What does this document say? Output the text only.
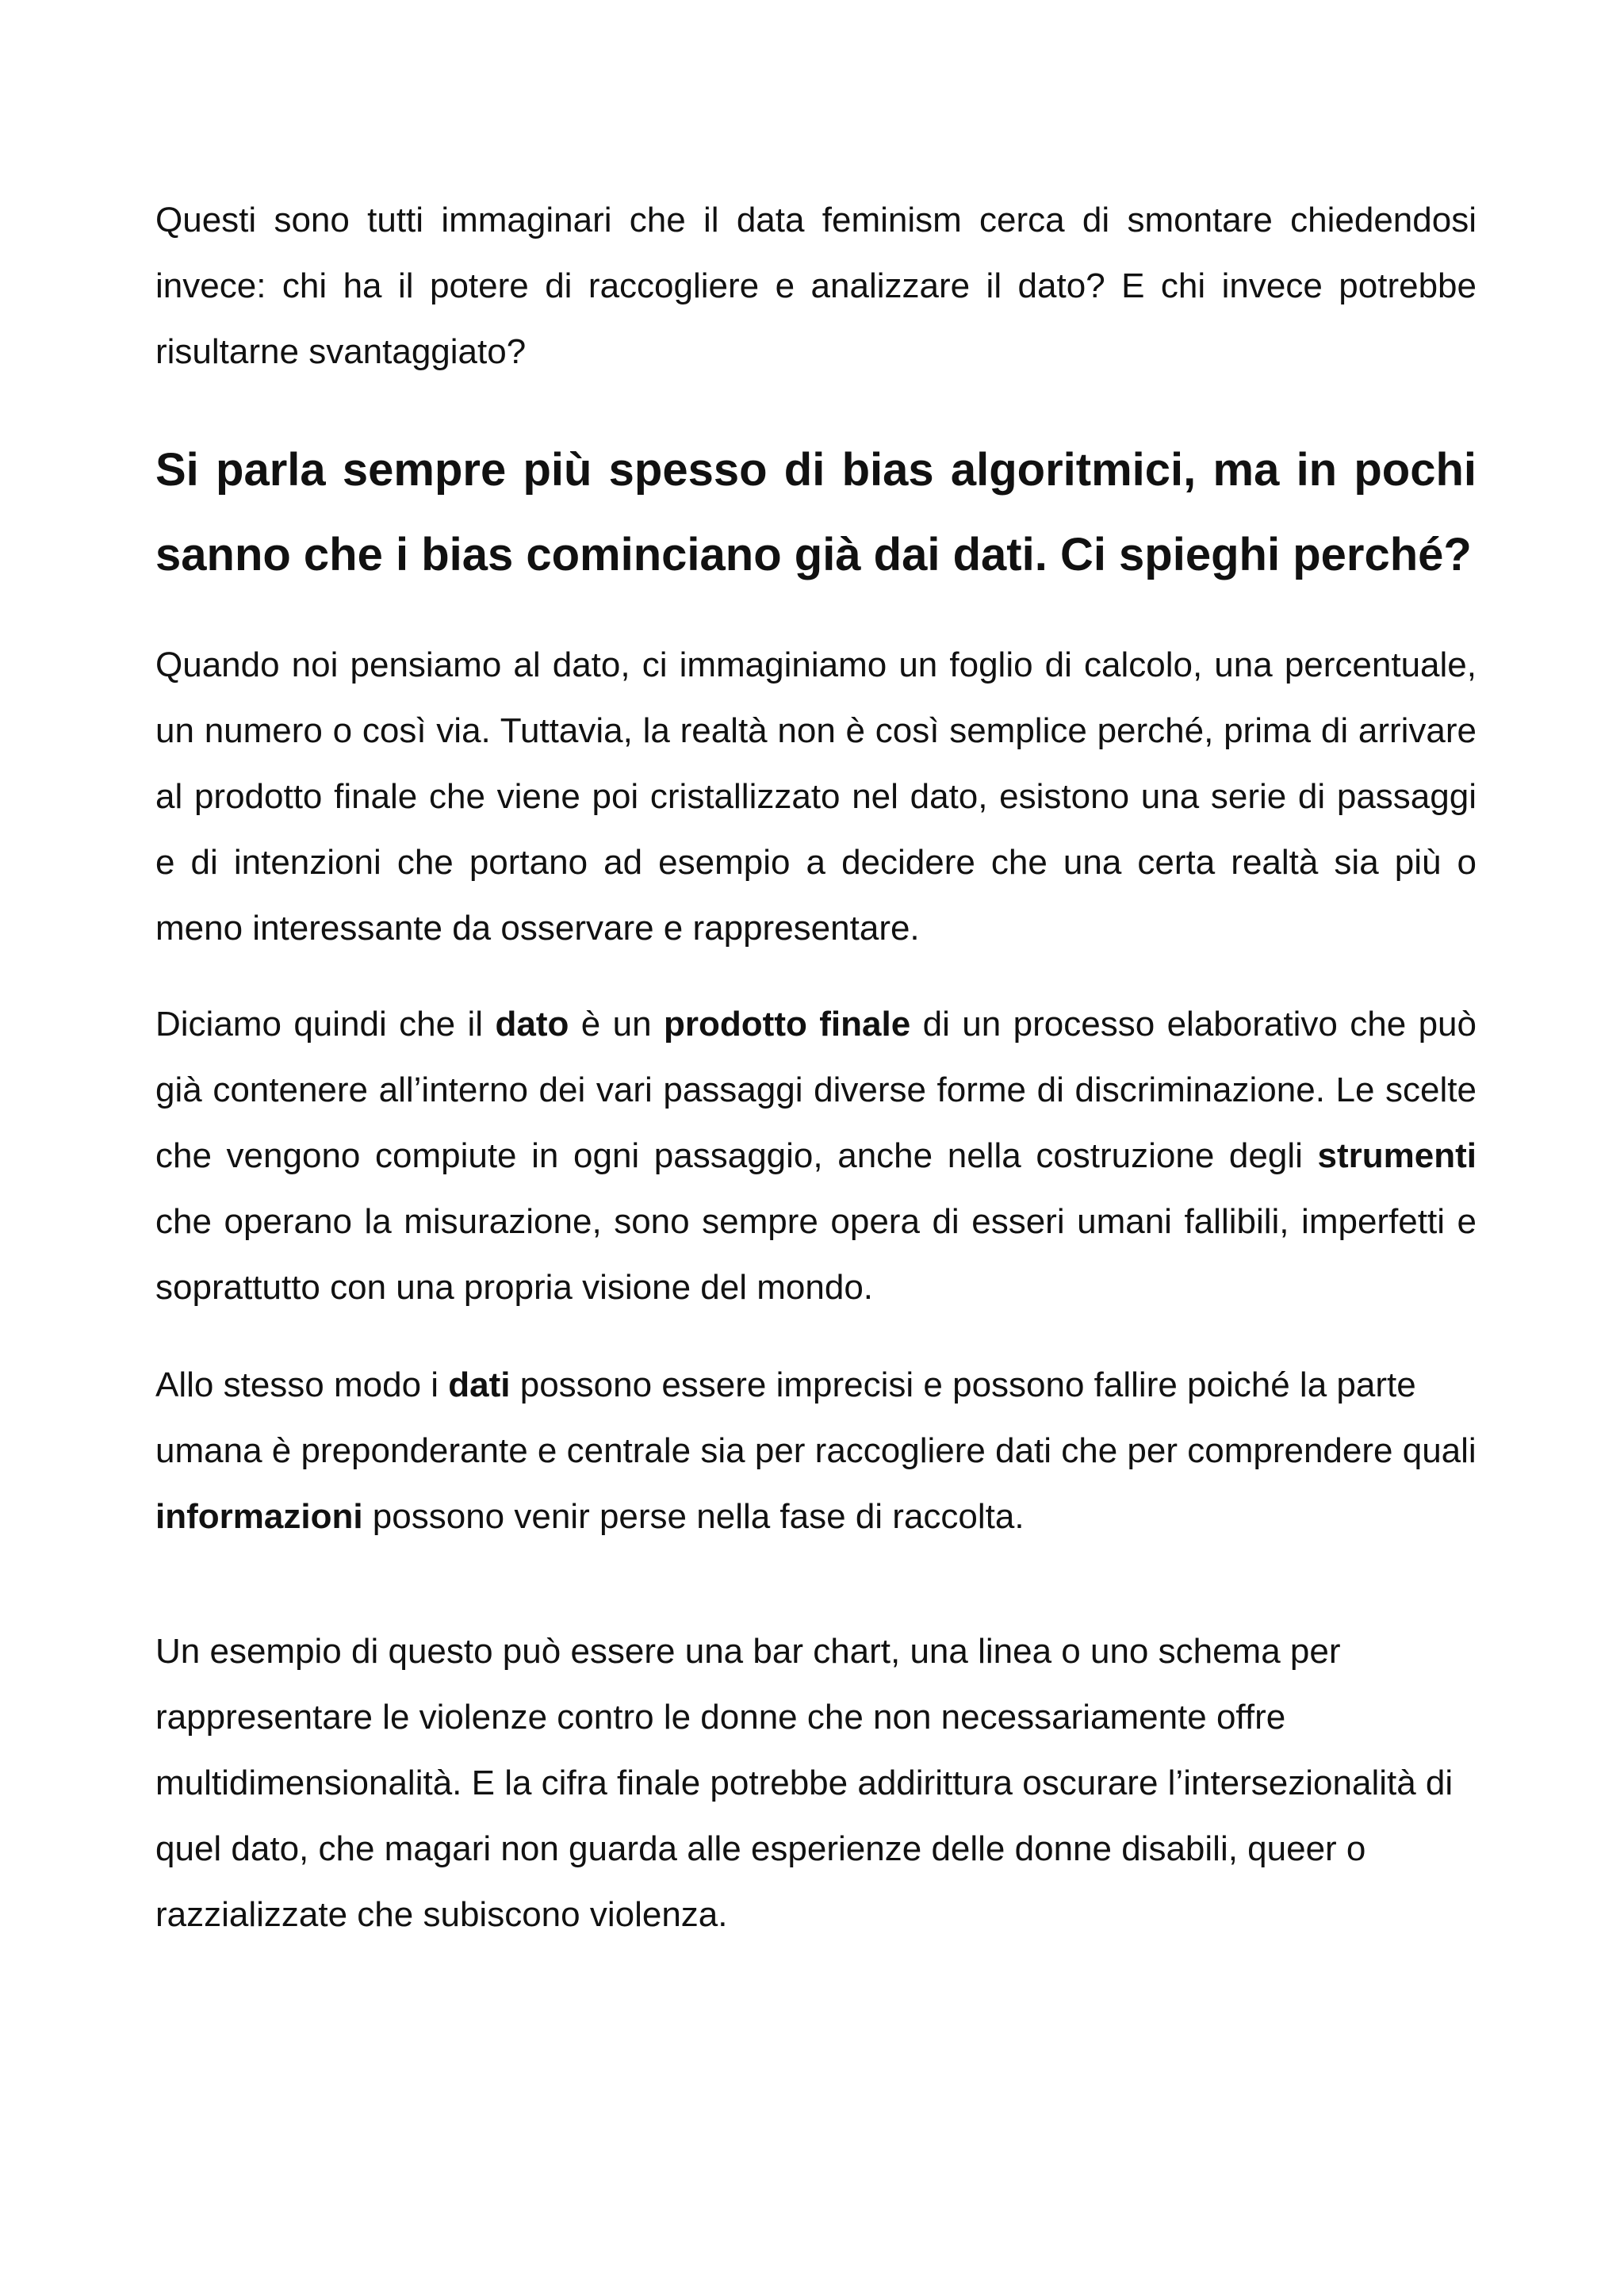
Questi sono tutti immaginari che il data feminism cerca di smontare chiedendosi invece: chi ha il potere di raccogliere e analizzare il dato? E chi invece potrebbe risultarne svantaggiato?

Si parla sempre più spesso di bias algoritmici, ma in pochi sanno che i bias cominciano già dai dati. Ci spieghi perché?

Quando noi pensiamo al dato, ci immaginiamo un foglio di calcolo, una percentuale, un numero o così via. Tuttavia, la realtà non è così semplice perché, prima di arrivare al prodotto finale che viene poi cristallizzato nel dato, esistono una serie di passaggi e di intenzioni che portano ad esempio a decidere che una certa realtà sia più o meno interessante da osservare e rappresentare.

Diciamo quindi che il dato è un prodotto finale di un processo elaborativo che può già contenere all’interno dei vari passaggi diverse forme di discriminazione. Le scelte che vengono compiute in ogni passaggio, anche nella costruzione degli strumenti che operano la misurazione, sono sempre opera di esseri umani fallibili, imperfetti e soprattutto con una propria visione del mondo.

Allo stesso modo i dati possono essere imprecisi e possono fallire poiché la parte umana è preponderante e centrale sia per raccogliere dati che per comprendere quali informazioni possono venir perse nella fase di raccolta.

Un esempio di questo può essere una bar chart, una linea o uno schema per rappresentare le violenze contro le donne che non necessariamente offre multidimensionalità. E la cifra finale potrebbe addirittura oscurare l’intersezionalità di quel dato, che magari non guarda alle esperienze delle donne disabili, queer o razzializzate che subiscono violenza.
